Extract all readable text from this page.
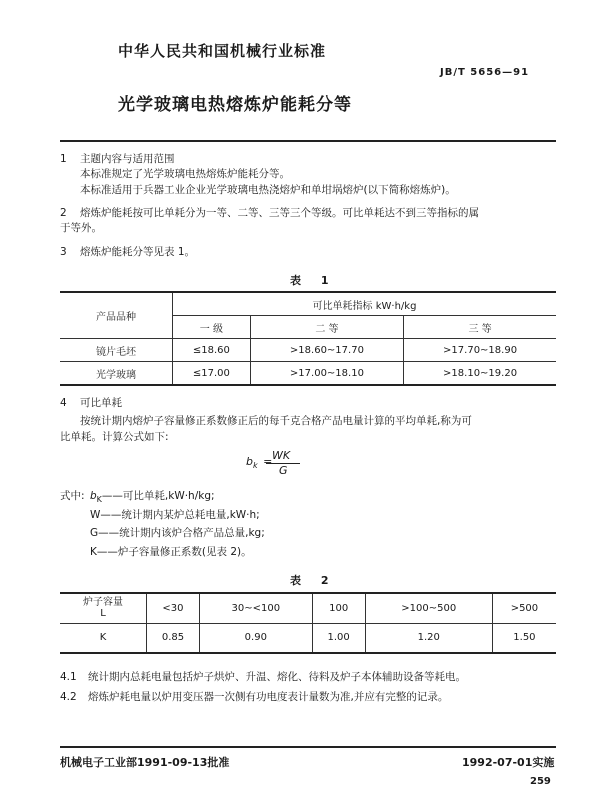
中华人民共和国机械行业标准
JB/T 5656—91
光学玻璃电热熔炼炉能耗分等
1 主题内容与适用范围
本标准规定了光学玻璃电热熔炼炉能耗分等。
本标准适用于兵器工业企业光学玻璃电热浇熔炉和单坩埚熔炉(以下简称熔炼炉)。
2 熔炼炉能耗按可比单耗分为一等、二等、三等三个等级。可比单耗达不到三等指标的属
于等外。
3 熔炼炉能耗分等见表 1。
表 1
产品品种	可比单耗指标 kW·h/kg		
	一 级	二 等	三 等
镜片毛坯	≤18.60	>18.60~17.70	>17.70~18.90
光学玻璃	≤17.00	>17.00~18.10	>18.10~19.20
4 可比单耗
按统计期内熔炉子容量修正系数修正后的每千克合格产品电量计算的平均单耗,称为可
比单耗。计算公式如下:
$b_k$ = WK
G
式中: $b_K——$可比单耗,kW·h/kg;
W——统计期内某炉总耗电量,kW·h;
G——统计期内该炉合格产品总量,kg;
K——炉子容量修正系数(见表 2)。
表 2
炉子容量
L	<30	30~<100	100	>100~500	>500
K	0.85	0.90	1.00	1.20	1.50
4.1 统计期内总耗电量包括炉子烘炉、升温、熔化、待料及炉子本体辅助设备等耗电。
4.2 熔炼炉耗电量以炉用变压器一次侧有功电度表计量数为准,并应有完整的记录。
机械电子工业部1991-09-13批准	1992-07-01实施
259
